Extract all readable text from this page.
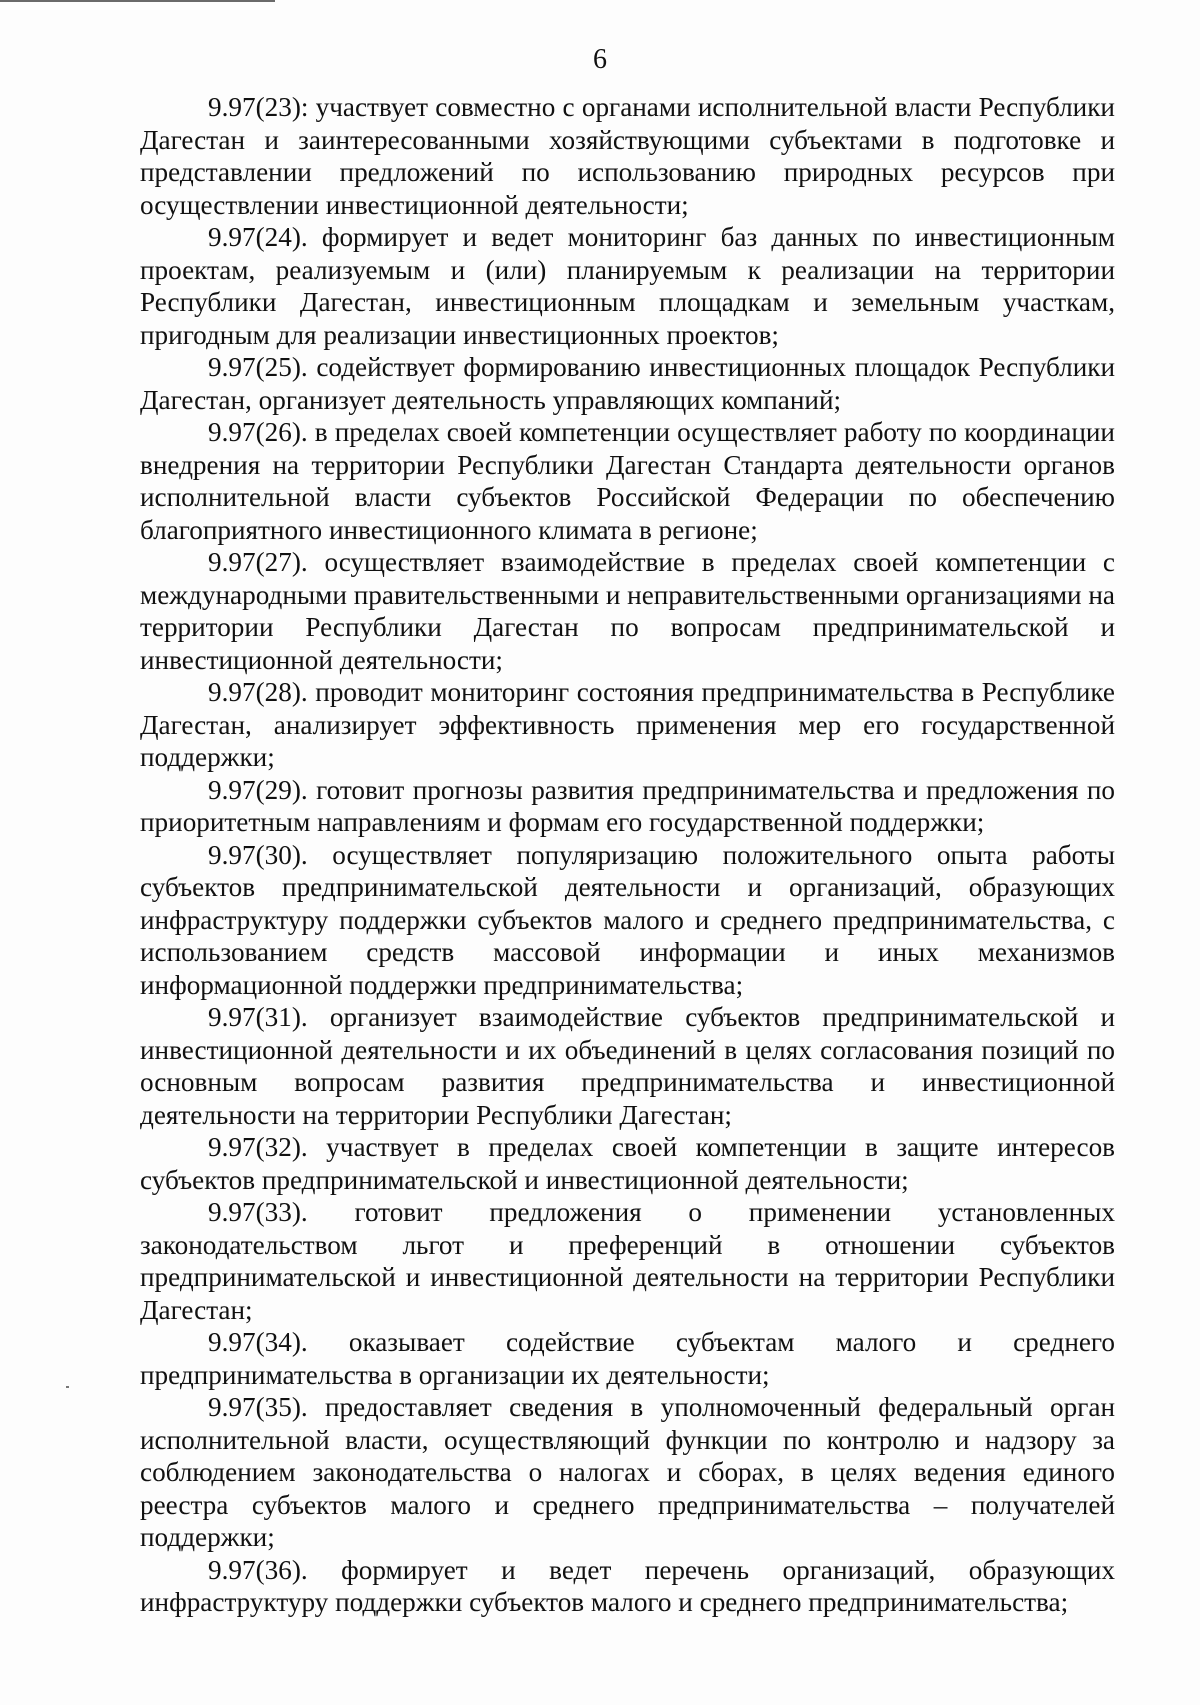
6

9.97(23): участвует совместно с органами исполнительной власти Республики Дагестан и заинтересованными хозяйствующими субъектами в подготовке и представлении предложений по использованию природных ресурсов при осуществлении инвестиционной деятельности;

9.97(24). формирует и ведет мониторинг баз данных по инвестиционным проектам, реализуемым и (или) планируемым к реализации на территории Республики Дагестан, инвестиционным площадкам и земельным участкам, пригодным для реализации инвестиционных проектов;

9.97(25). содействует формированию инвестиционных площадок Республики Дагестан, организует деятельность управляющих компаний;

9.97(26). в пределах своей компетенции осуществляет работу по координации внедрения на территории Республики Дагестан Стандарта деятельности органов исполнительной власти субъектов Российской Федерации по обеспечению благоприятного инвестиционного климата в регионе;

9.97(27). осуществляет взаимодействие в пределах своей компетенции с международными правительственными и неправительственными организациями на территории Республики Дагестан по вопросам предпринимательской и инвестиционной деятельности;

9.97(28). проводит мониторинг состояния предпринимательства в Республике Дагестан, анализирует эффективность применения мер его государственной поддержки;

9.97(29). готовит прогнозы развития предпринимательства и предложения по приоритетным направлениям и формам его государственной поддержки;

9.97(30). осуществляет популяризацию положительного опыта работы субъектов предпринимательской деятельности и организаций, образующих инфраструктуру поддержки субъектов малого и среднего предпринимательства, с использованием средств массовой информации и иных механизмов информационной поддержки предпринимательства;

9.97(31). организует взаимодействие субъектов предпринимательской и инвестиционной деятельности и их объединений в целях согласования позиций по основным вопросам развития предпринимательства и инвестиционной деятельности на территории Республики Дагестан;

9.97(32). участвует в пределах своей компетенции в защите интересов субъектов предпринимательской и инвестиционной деятельности;

9.97(33). готовит предложения о применении установленных законодательством льгот и преференций в отношении субъектов предпринимательской и инвестиционной деятельности на территории Республики Дагестан;

9.97(34). оказывает содействие субъектам малого и среднего предпринимательства в организации их деятельности;

9.97(35). предоставляет сведения в уполномоченный федеральный орган исполнительной власти, осуществляющий функции по контролю и надзору за соблюдением законодательства о налогах и сборах, в целях ведения единого реестра субъектов малого и среднего предпринимательства – получателей поддержки;

9.97(36). формирует и ведет перечень организаций, образующих инфраструктуру поддержки субъектов малого и среднего предпринимательства;
